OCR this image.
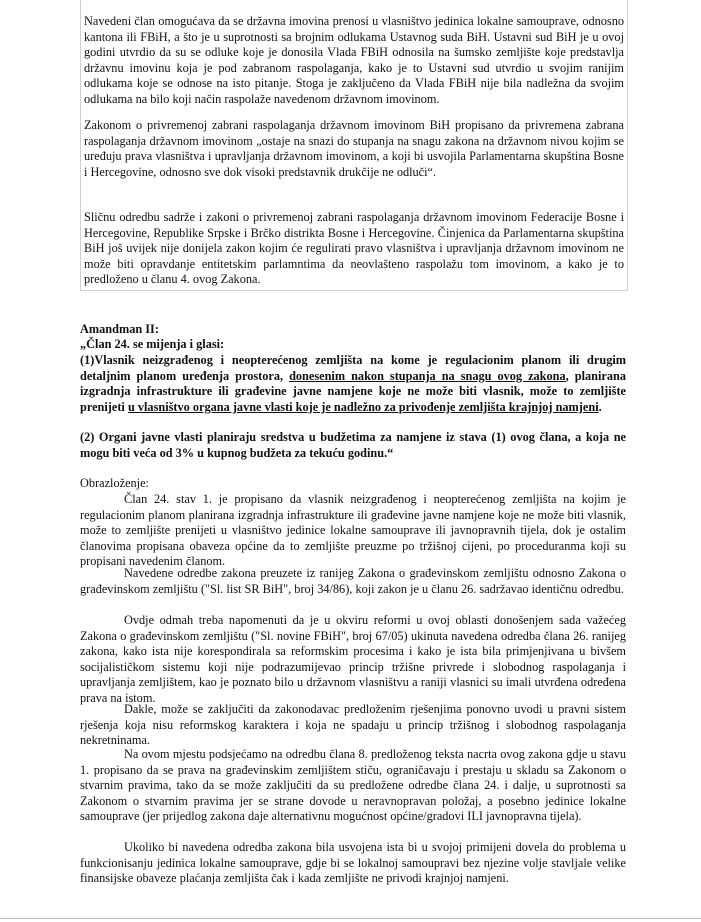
Navedeni član omogućava da se državna imovina prenosi u vlasništvo jedinica lokalne samouprave, odnosno kantona ili FBiH, a što je u suprotnosti sa brojnim odlukama Ustavnog suda BiH. Ustavni sud BiH je u ovoj godini utvrdio da su se odluke koje je donosila Vlada FBiH odnosila na šumsko zemljište koje predstavlja državnu imovinu koja je pod zabranom raspolaganja, kako je to Ustavni sud utvrdio u svojim ranijim odlukama koje se odnose na isto pitanje. Stoga je zaključeno da Vlada FBiH nije bila nadležna da svojim odlukama na bilo koji način raspolaže navedenom državnom imovinom.

Zakonom o privremenoj zabrani raspolaganja državnom imovinom BiH propisano da privremena zabrana raspolaganja državnom imovinom „ostaje na snazi do stupanja na snagu zakona na državnom nivou kojim se uređuju prava vlasništva i upravljanja državnom imovinom, a koji bi usvojila Parlamentarna skupština Bosne i Hercegovine, odnosno sve dok visoki predstavnik drukčije ne odluči“.

Sličnu odredbu sadrže i zakoni o privremenoj zabrani raspolaganja državnom imovinom Federacije Bosne i Hercegovine, Republike Srpske i Brčko distrikta Bosne i Hercegovine. Činjenica da Parlamentarna skupština BiH još uvijek nije donijela zakon kojim će regulirati pravo vlasništva i upravljanja državnom imovinom ne može biti opravdanje entitetskim parlamntima da neovlašteno raspolažu tom imovinom, a kako je to predloženo u članu 4. ovog Zakona.

Amandman II:

„Član 24. se mijenja i glasi:

(1)Vlasnik neizgrađenog i neopterećenog zemljišta na kome je regulacionim planom ili drugim detaljnim planom uređenja prostora, donesenim nakon stupanja na snagu ovog zakona, planirana izgradnja infrastrukture ili građevine javne namjene koje ne može biti vlasnik, može to zemljište prenijeti u vlasništvo organa javne vlasti koje je nadležno za privođenje zemljišta krajnjoj namjeni.

(2) Organi javne vlasti planiraju sredstva u budžetima za namjene iz stava (1) ovog člana, a koja ne mogu biti veća od 3% u kupnog budžeta za tekuću godinu.“

Obrazloženje:

Član 24. stav 1. je propisano da vlasnik neizgrađenog i neopterećenog zemljišta na kojim je regulacionim planom planirana izgradnja infrastrukture ili građevine javne namjene koje ne može biti vlasnik, može to zemljište prenijeti u vlasništvo jedinice lokalne samouprave ili javnopravnih tijela, dok je ostalim članovima propisana obaveza općine da to zemljište preuzme po tržišnoj cijeni, po proceduranma koji su propisani navedenim članom.

Navedene odredbe zakona preuzete iz ranijeg Zakona o građevinskom zemljištu odnosno Zakona o građevinskom zemljištu ("Sl. list SR BiH", broj 34/86), koji zakon je u članu 26. sadržavao identičnu odredbu.

Ovdje odmah treba napomenuti da je u okviru reformi u ovoj oblasti donošenjem sada važećeg Zakona o građevinskom zemljištu ("Sl. novine FBiH", broj 67/05) ukinuta navedena odredba člana 26. ranijeg zakona, kako ista nije korespondirala sa reformskim procesima i kako je ista bila primjenjivana u bivšem socijalističkom sistemu koji nije podrazumijevao princip tržišne privrede i slobodnog raspolaganja i upravljanja zemljištem, kao je poznato bilo u državnom vlasništvu a raniji vlasnici su imali utvrđena određena prava na istom.

Dakle, može se zaključiti da zakonodavac predloženim rješenjima ponovno uvodi u pravni sistem rješenja koja nisu reformskog karaktera i koja ne spadaju u princip tržišnog i slobodnog raspolaganja nekretninama.

Na ovom mjestu podsjećamo na odredbu člana 8. predloženog teksta nacrta ovog zakona gdje u stavu 1. propisano da se prava na građevinskim zemljištem stiču, ograničavaju i prestaju u skladu sa Zakonom o stvarnim pravima, tako da se može zaključiti da su predložene odredbe člana 24. i dalje, u suprotnosti sa Zakonom o stvarnim pravima jer se strane dovode u neravnopravan položaj, a posebno jedinice lokalne samouprave (jer prijedlog zakona daje alternativnu mogućnost općine/gradovi ILI javnopravna tijela).

Ukoliko bi navedena odredba zakona bila usvojena ista bi u svojoj primijeni dovela do problema u funkcionisanju jedinica lokalne samouprave, gdje bi se lokalnoj samoupravi bez njezine volje stavljale velike finansijske obaveze plaćanja zemljišta čak i kada zemljište ne privodi krajnjoj namjeni.
